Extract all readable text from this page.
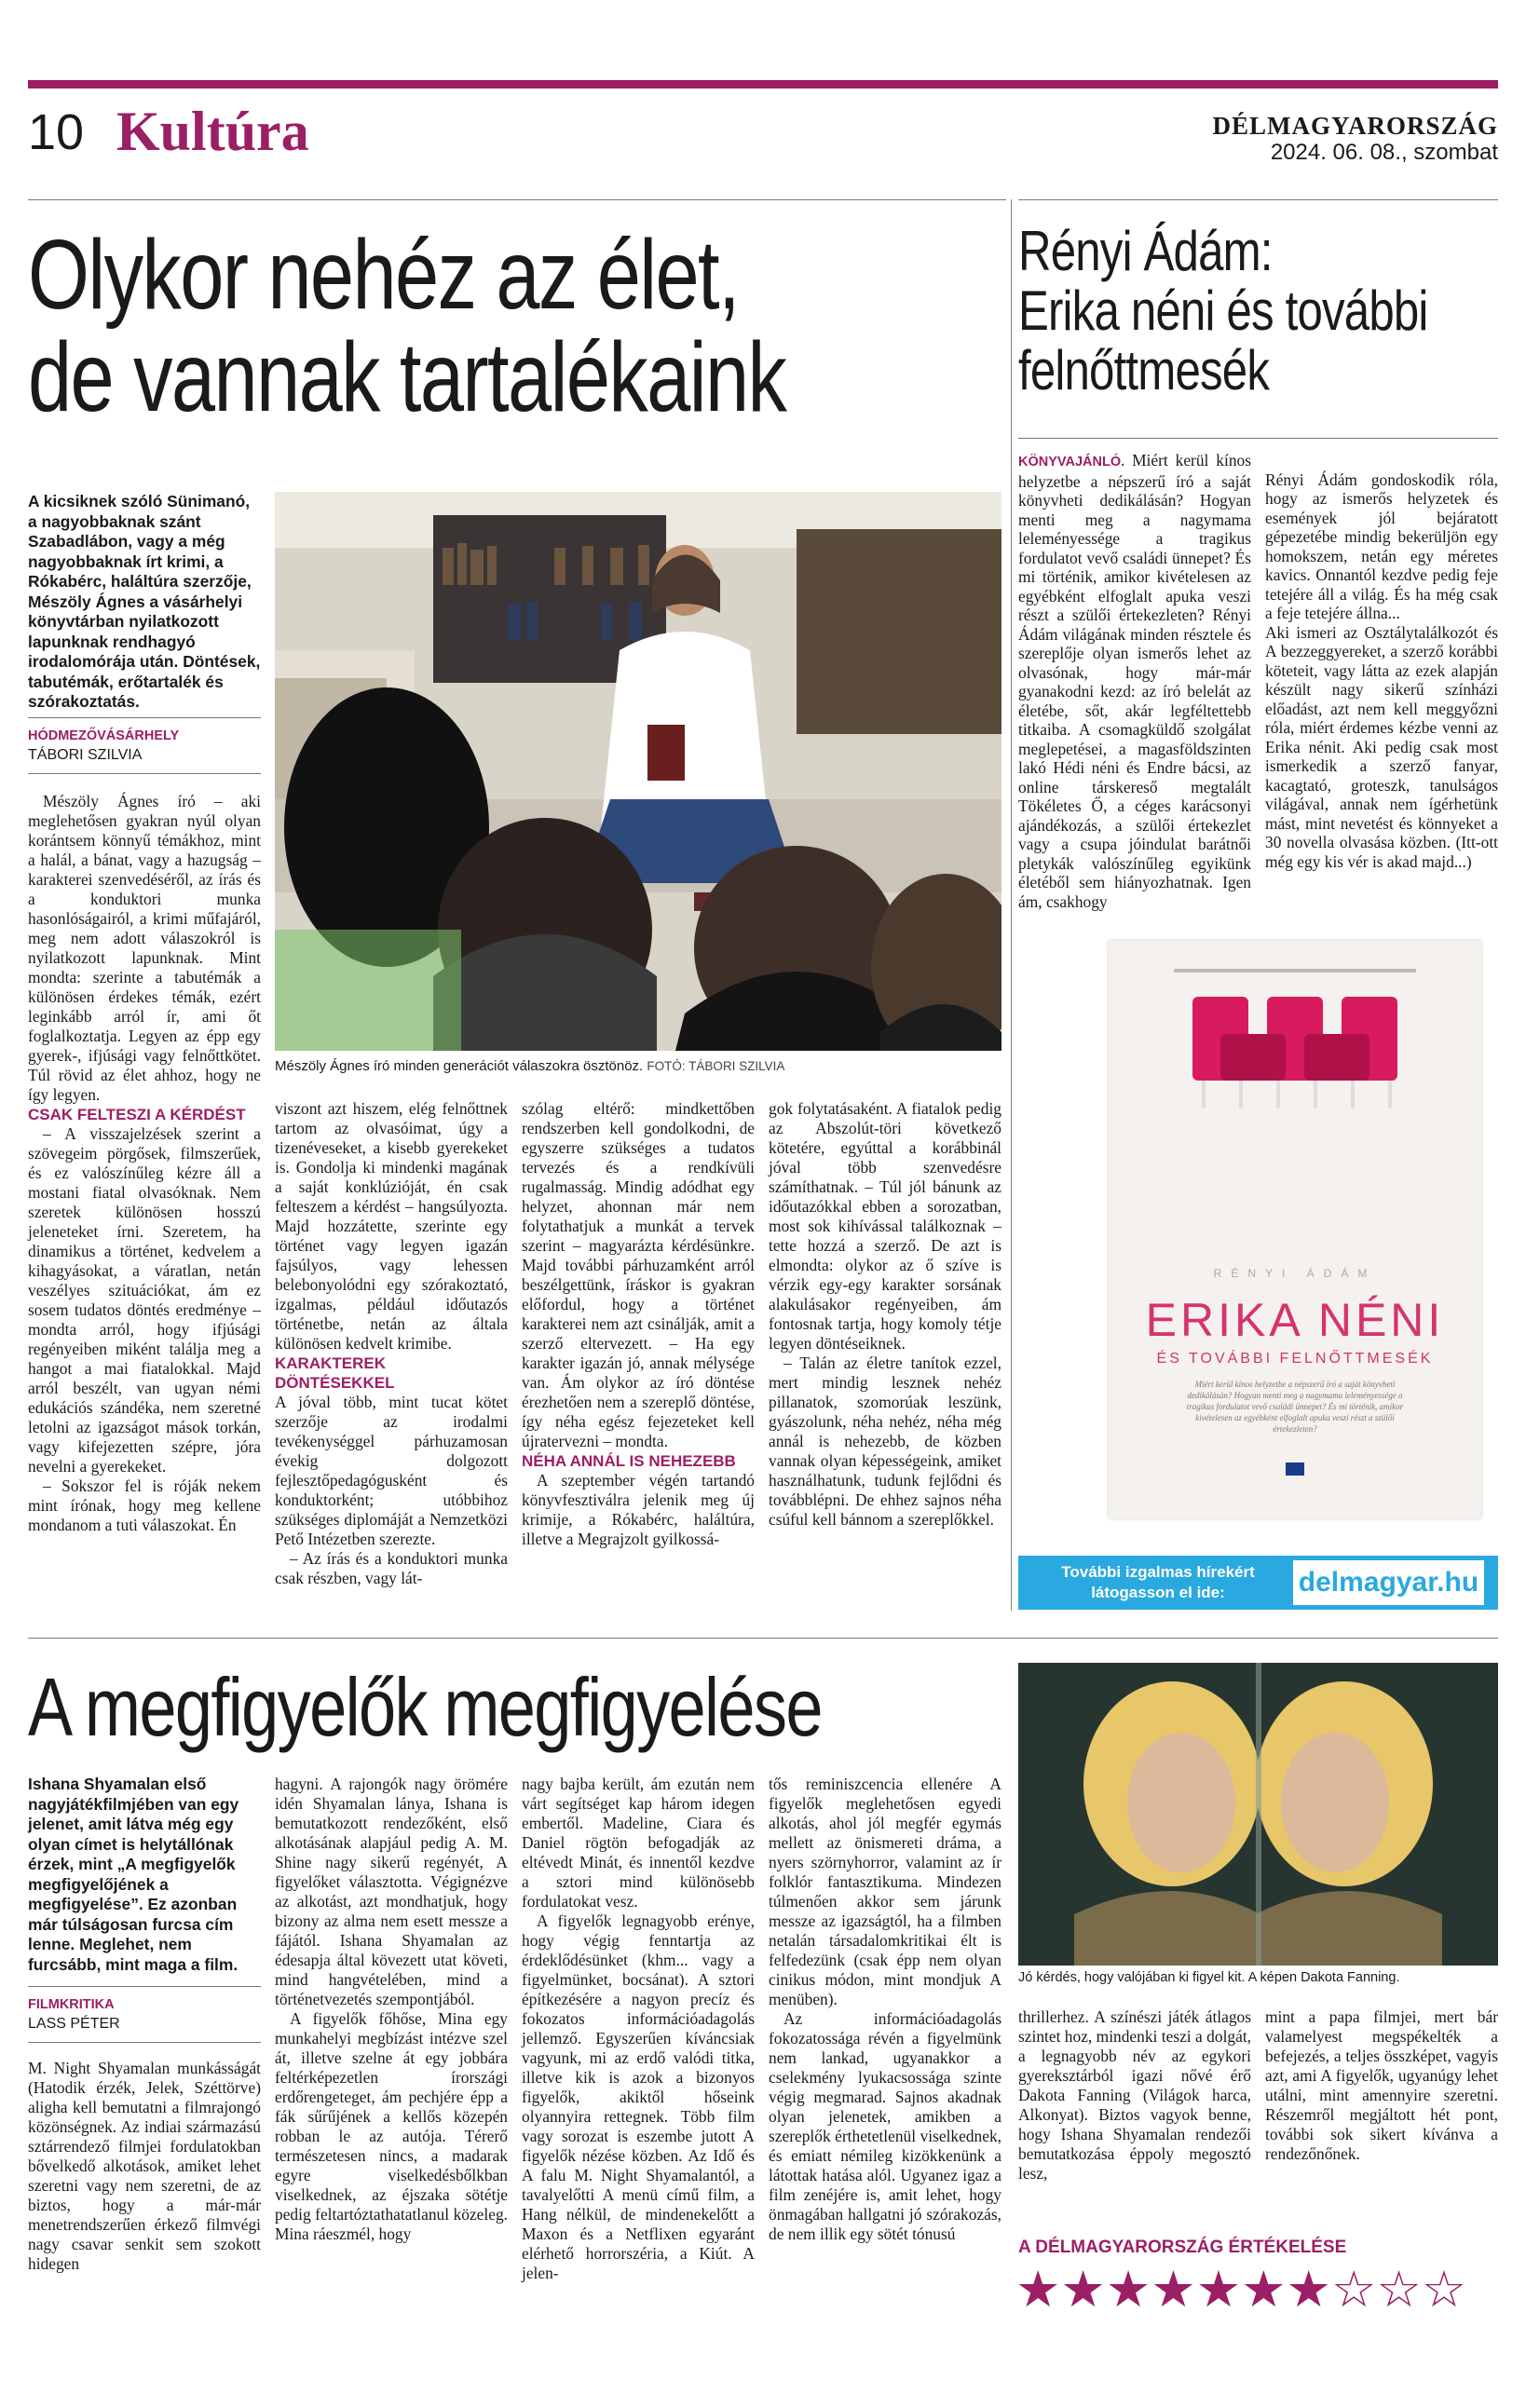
10 Kultúra	DÉLMAGYARORSZÁG
2024. 06. 08., szombat
Olykor nehéz az élet,
de vannak tartalékaink
A kicsiknek szóló Sünimanó, a nagyobbaknak szánt Szabadlábon, vagy a még nagyobbaknak írt krimi, a Rókabérc, haláltúra szerzője, Mészöly Ágnes a vásárhelyi könyvtárban nyilatkozott lapunknak rendhagyó irodalomórája után. Döntések, tabutémák, erőtartalék és szórakoztatás.
HÓDMEZŐVÁSÁRHELY
TÁBORI SZILVIA
Mészöly Ágnes író minden generációt válaszokra ösztönöz. FOTÓ: TÁBORI SZILVIA

Mészöly Ágnes író – aki meglehetősen gyakran nyúl olyan korántsem könnyű témákhoz, mint a halál, a bánat, vagy a hazugság – karakterei szenvedéséről, az írás és a konduktori munka hasonlóságairól, a krimi műfajáról, meg nem adott válaszokról is nyilatkozott lapunknak. Mint mondta: szerinte a tabutémák a különösen érdekes témák, ezért leginkább arról ír, ami őt foglalkoztatja. Legyen az épp egy gyerek-, ifjúsági vagy felnőttkötet. Túl rövid az élet ahhoz, hogy ne így legyen.

CSAK FELTESZI A KÉRDÉST

– A visszajelzések szerint a szövegeim pörgősek, filmszerűek, és ez valószínűleg kézre áll a mostani fiatal olvasóknak. Nem szeretek különösen hosszú jeleneteket írni. Szeretem, ha dinamikus a történet, kedvelem a kihagyásokat, a váratlan, netán veszélyes szituációkat, ám ez sosem tudatos döntés eredménye – mondta arról, hogy ifjúsági regényeiben miként találja meg a hangot a mai fiatalokkal. Majd arról beszélt, van ugyan némi edukációs szándéka, nem szeretné letolni az igazságot mások torkán, vagy kifejezetten szépre, jóra nevelni a gyerekeket.

– Sokszor fel is róják nekem mint írónak, hogy meg kellene mondanom a tuti válaszokat. Én

viszont azt hiszem, elég felnőttnek tartom az olvasóimat, úgy a tizenéveseket, a kisebb gyerekeket is. Gondolja ki mindenki magának a saját konklúzióját, én csak felteszem a kérdést – hangsúlyozta. Majd hozzátette, szerinte egy történet vagy legyen igazán fajsúlyos, vagy lehessen belebonyolódni egy szórakoztató, izgalmas, például időutazós történetbe, netán az általa különösen kedvelt krimibe.

KARAKTEREK DÖNTÉSEKKEL

A jóval több, mint tucat kötet szerzője az irodalmi tevékenységgel párhuzamosan évekig dolgozott fejlesztőpedagógusként és konduktorként; utóbbihoz szükséges diplomáját a Nemzetközi Pető Intézetben szerezte.

– Az írás és a konduktori munka csak részben, vagy lát-

szólag eltérő: mindkettőben rendszerben kell gondolkodni, de egyszerre szükséges a tudatos tervezés és a rendkívüli rugalmasság. Mindig adódhat egy helyzet, ahonnan már nem folytathatjuk a munkát a tervek szerint – magyarázta kérdésünkre. Majd további párhuzamként arról beszélgettünk, íráskor is gyakran előfordul, hogy a történet karakterei nem azt csinálják, amit a szerző eltervezett. – Ha egy karakter igazán jó, annak mélysége van. Ám olykor az író döntése érezhetően nem a szereplő döntése, így néha egész fejezeteket kell újraterveznі – mondta.

NÉHA ANNÁL IS NEHEZEBB

A szeptember végén tartandó könyvfesztiválra jelenik meg új krimije, a Rókabérc, haláltúra, illetve a Megrajzolt gyilkossá-

gok folytatásaként. A fiatalok pedig az Abszolút-töri következő kötetére, egyúttal a korábbinál jóval több szenvedésre számíthatnak. – Túl jól bánunk az időutazókkal ebben a sorozatban, most sok kihívással találkoznak – tette hozzá a szerző. De azt is elmondta: olykor az ő szíve is vérzik egy-egy karakter sorsának alakulásakor regényeiben, ám fontosnak tartja, hogy komoly tétje legyen döntéseiknek.

– Talán az életre tanítok ezzel, mert mindig lesznek nehéz pillanatok, szomorúak leszünk, gyászolunk, néha nehéz, néha még annál is nehezebb, de közben vannak olyan képességeink, amiket használhatunk, tudunk fejlődni és továbblépni. De ehhez sajnos néha csúful kell bánnom a szereplőkkel.

Rényi Ádám:
Erika néni és további
felnőttmesék

KÖNYVAJÁNLÓ. Miért kerül kínos helyzetbe a népszerű író a saját könyvheti dedikálásán? Hogyan menti meg a nagymama leleményessége a tragikus fordulatot vevő családi ünnepet? És mi történik, amikor kivételesen az egyébként elfoglalt apuka veszi részt a szülői értekezleten? Rényi Ádám világának minden résztele és szereplője olyan ismerős lehet az olvasónak, hogy már-már gyanakodni kezd: az író belelát az életébe, sőt, akár legféltettebb titkaiba. A csomagküldő szolgálat meglepetései, a magasföldszinten lakó Hédi néni és Endre bácsi, az online társkereső megtalált Tökéletes Ő, a céges karácsonyi ajándékozás, a szülői értekezlet vagy a csupa jóindulat barátnői pletykák valószínűleg egyikünk életéből sem hiányozhatnak. Igen ám, csakhogy

Rényi Ádám gondoskodik róla, hogy az ismerős helyzetek és események jól bejáratott gépezetébe mindig bekerüljön egy homokszem, netán egy méretes kavics. Onnantól kezdve pedig feje tetejére áll a világ. És ha még csak a feje tetejére állna...
Aki ismeri az Osztálytalálkozót és A bezzeggyereket, a szerző korábbi köteteit, vagy látta az ezek alapján készült nagy sikerű színházi előadást, azt nem kell meggyőzni róla, miért érdemes kézbe venni az Erika nénit. Aki pedig csak most ismerkedik a szerző fanyar, kacagtató, groteszk, tanulságos világával, annak nem ígérhetünk mást, mint nevetést és könnyeket a 30 novella olvasása közben. (Itt-ott még egy kis vér is akad majd...)

RÉNYI ÁDÁM
ERIKA NÉNI
ÉS TOVÁBBI FELNŐTTMESÉK
Miért kerül kínos helyzetbe a népszerű író a saját könyvheti dedikálásán? Hogyan menti meg a nagymama leleményessége a tragikus fordulatot vevő családi ünnepet? És mi történik, amikor kivételesen az egyébként elfoglalt apuka veszi részt a szülői értekezleten?
További izgalmas hírekért
látogasson el ide:	delmagyar.hu
A megfigyelők megfigyelése
Jó kérdés, hogy valójában ki figyel kit. A képen Dakota Fanning.
Ishana Shyamalan első nagyjátékfilmjében van egy jelenet, amit látva még egy olyan címet is helytállónak érzek, mint „A megfigyelők megfigyelőjének a megfigyelése”. Ez azonban már túlságosan furcsa cím lenne. Meglehet, nem furcsább, mint maga a film.
FILMKRITIKA
LASS PÉTER

M. Night Shyamalan munkásságát (Hatodik érzék, Jelek, Széttörve) aligha kell bemutatni a filmrajongó közönségnek. Az indiai származású sztárrendező filmjei fordulatokban bővelkedő alkotások, amiket lehet szeretni vagy nem szeretni, de az biztos, hogy a már-már menetrendszerűen érkező filmvégi nagy csavar senkit sem szokott hidegen

hagyni. A rajongók nagy örömére idén Shyamalan lánya, Ishana is bemutatkozott rendezőként, első alkotásának alapjául pedig A. M. Shine nagy sikerű regényét, A figyelőket választotta. Végignézve az alkotást, azt mondhatjuk, hogy bizony az alma nem esett messze a fájától. Ishana Shyamalan az édesapja által kövezett utat követi, mind hangvételében, mind a történetvezetés szempontjából.

A figyelők főhőse, Mina egy munkahelyi megbízást intézve szel át, illetve szelne át egy jobbára feltérképezetlen írországi erdőrengeteget, ám pechjére épp a fák sűrűjének a kellős közepén robban le az autója. Térerő természetesen nincs, a madarak egyre viselkedésbőlkban viselkednek, az éjszaka sötétje pedig feltartóztathatatlanul közeleg. Mina ráeszmél, hogy

nagy bajba került, ám ezután nem várt segítséget kap három idegen embertől. Madeline, Ciara és Daniel rögtön befogadják az eltévedt Minát, és innentől kezdve a sztori mind különösebb fordulatokat vesz.

A figyelők legnagyobb erénye, hogy végig fenntartja az érdeklődésünket (khm... vagy a figyelmünket, bocsánat). A sztori építkezésére a nagyon precíz és fokozatos információadagolás jellemző. Egyszerűen kíváncsiak vagyunk, mi az erdő valódi titka, illetve kik is azok a bizonyos figyelők, akiktől hőseink olyannyira rettegnek. Több film vagy sorozat is eszembe jutott A figyelők nézése közben. Az Idő és A falu M. Night Shyamalantól, a tavalyelőtti A menü című film, a Hang nélkül, de mindenekelőtt a Maxon és a Netflixen egyaránt elérhető horrorszéria, a Kiút. A jelen-

tős reminiszcencia ellenére A figyelők meglehetősen egyedi alkotás, ahol jól megfér egymás mellett az önismereti dráma, a nyers szörnyhorror, valamint az ír folklór fantasztikuma. Mindezen túlmenően akkor sem járunk messze az igazságtól, ha a filmben netalán társadalomkritikai élt is felfedezünk (csak épp nem olyan cinikus módon, mint mondjuk A menüben).

Az információadagolás fokozatossága révén a figyelmünk nem lankad, ugyanakkor a cselekmény lyukacsossága szinte végig megmarad. Sajnos akadnak olyan jelenetek, amikben a szereplők érthetetlenül viselkednek, és emiatt némileg kizökkenünk a látottak hatása alól. Ugyanez igaz a film zenéjére is, amit lehet, hogy önmagában hallgatni jó szórakozás, de nem illik egy sötét tónusú

thrillerhez. A színészi játék átlagos szintet hoz, mindenki teszi a dolgát, a legnagyobb név az egykori gyereksztárból igazi nővé érő Dakota Fanning (Világok harca, Alkonyat). Biztos vagyok benne, hogy Ishana Shyamalan rendezői bemutatkozása éppoly megosztó lesz,

mint a papa filmjei, mert bár valamelyest megspékelték a befejezés, a teljes összképet, vagyis azt, ami A figyelők, ugyanúgy lehet utálni, mint amennyire szeretni. Részemről megjáltott hét pont, további sok sikert kívánva a rendezőnőnek.

A DÉLMAGYARORSZÁG ÉRTÉKELÉSE
★★★★★★★☆☆☆
